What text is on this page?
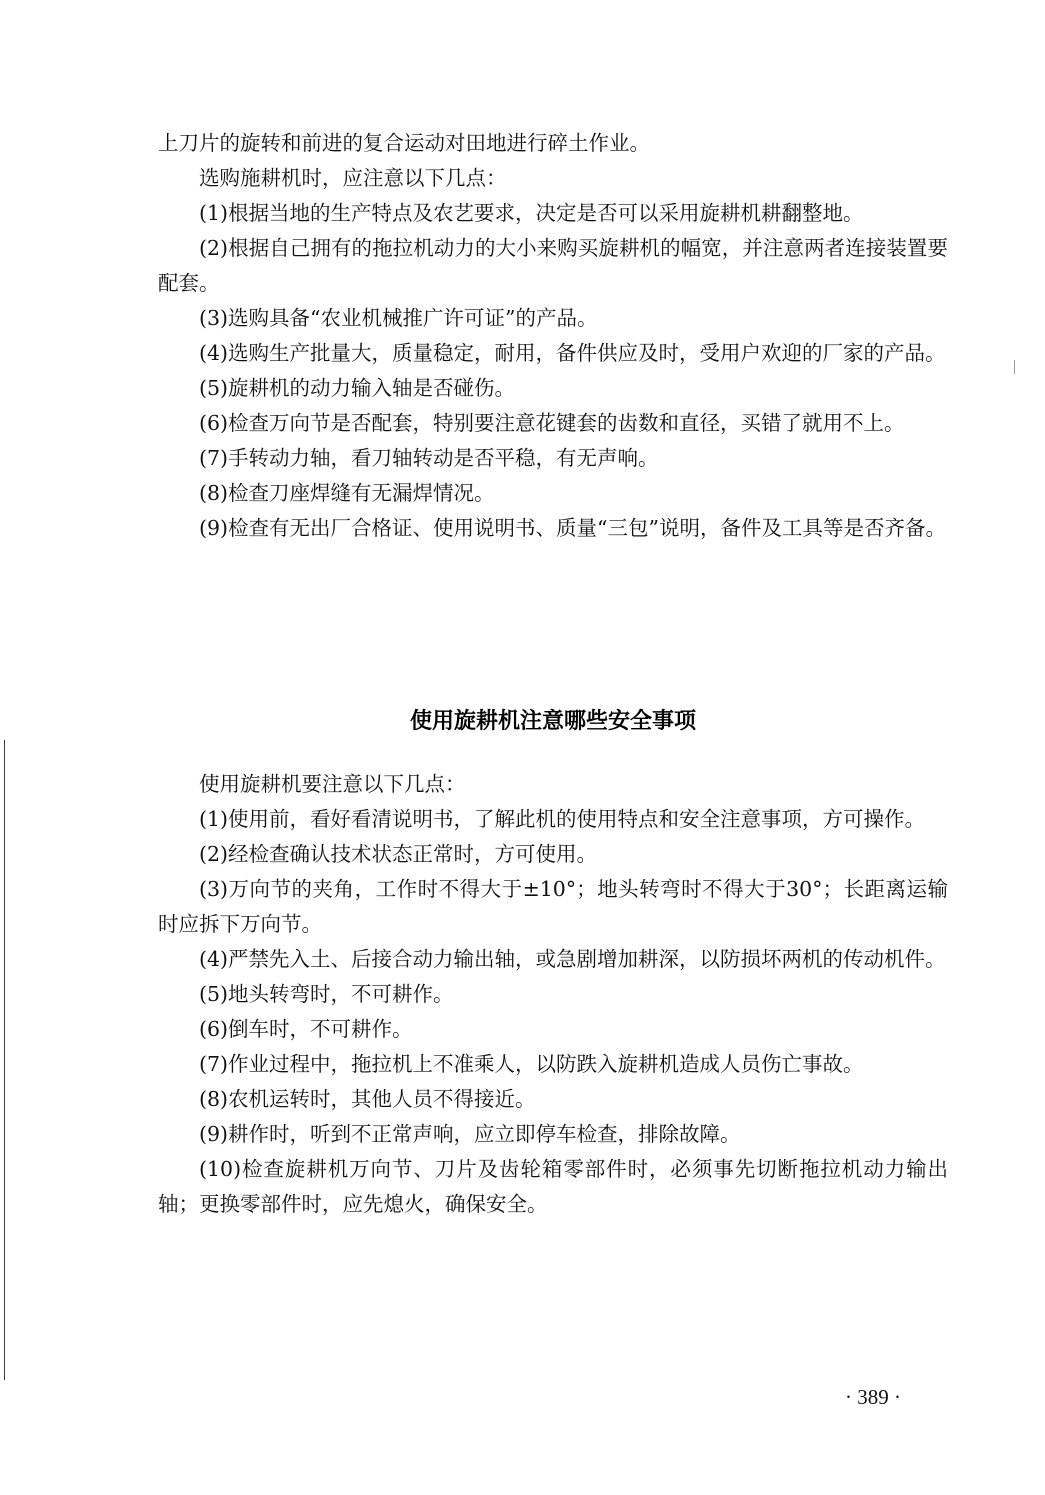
上刀片的旋转和前进的复合运动对田地进行碎土作业。

选购施耕机时，应注意以下几点：

(1)根据当地的生产特点及农艺要求，决定是否可以采用旋耕机耕翻整地。

(2)根据自己拥有的拖拉机动力的大小来购买旋耕机的幅宽，并注意两者连接装置要配套。

(3)选购具备“农业机械推广许可证”的产品。

(4)选购生产批量大，质量稳定，耐用，备件供应及时，受用户欢迎的厂家的产品。

(5)旋耕机的动力输入轴是否碰伤。

(6)检查万向节是否配套，特别要注意花键套的齿数和直径，买错了就用不上。

(7)手转动力轴，看刀轴转动是否平稳，有无声响。

(8)检查刀座焊缝有无漏焊情况。

(9)检查有无出厂合格证、使用说明书、质量“三包”说明，备件及工具等是否齐备。

使用旋耕机注意哪些安全事项

使用旋耕机要注意以下几点：

(1)使用前，看好看清说明书，了解此机的使用特点和安全注意事项，方可操作。

(2)经检查确认技术状态正常时，方可使用。

(3)万向节的夹角，工作时不得大于±10°；地头转弯时不得大于30°；长距离运输时应拆下万向节。

(4)严禁先入土、后接合动力输出轴，或急剧增加耕深，以防损坏两机的传动机件。

(5)地头转弯时，不可耕作。

(6)倒车时，不可耕作。

(7)作业过程中，拖拉机上不准乘人，以防跌入旋耕机造成人员伤亡事故。

(8)农机运转时，其他人员不得接近。

(9)耕作时，听到不正常声响，应立即停车检查，排除故障。

(10)检查旋耕机万向节、刀片及齿轮箱零部件时，必须事先切断拖拉机动力输出轴；更换零部件时，应先熄火，确保安全。

· 389 ·
